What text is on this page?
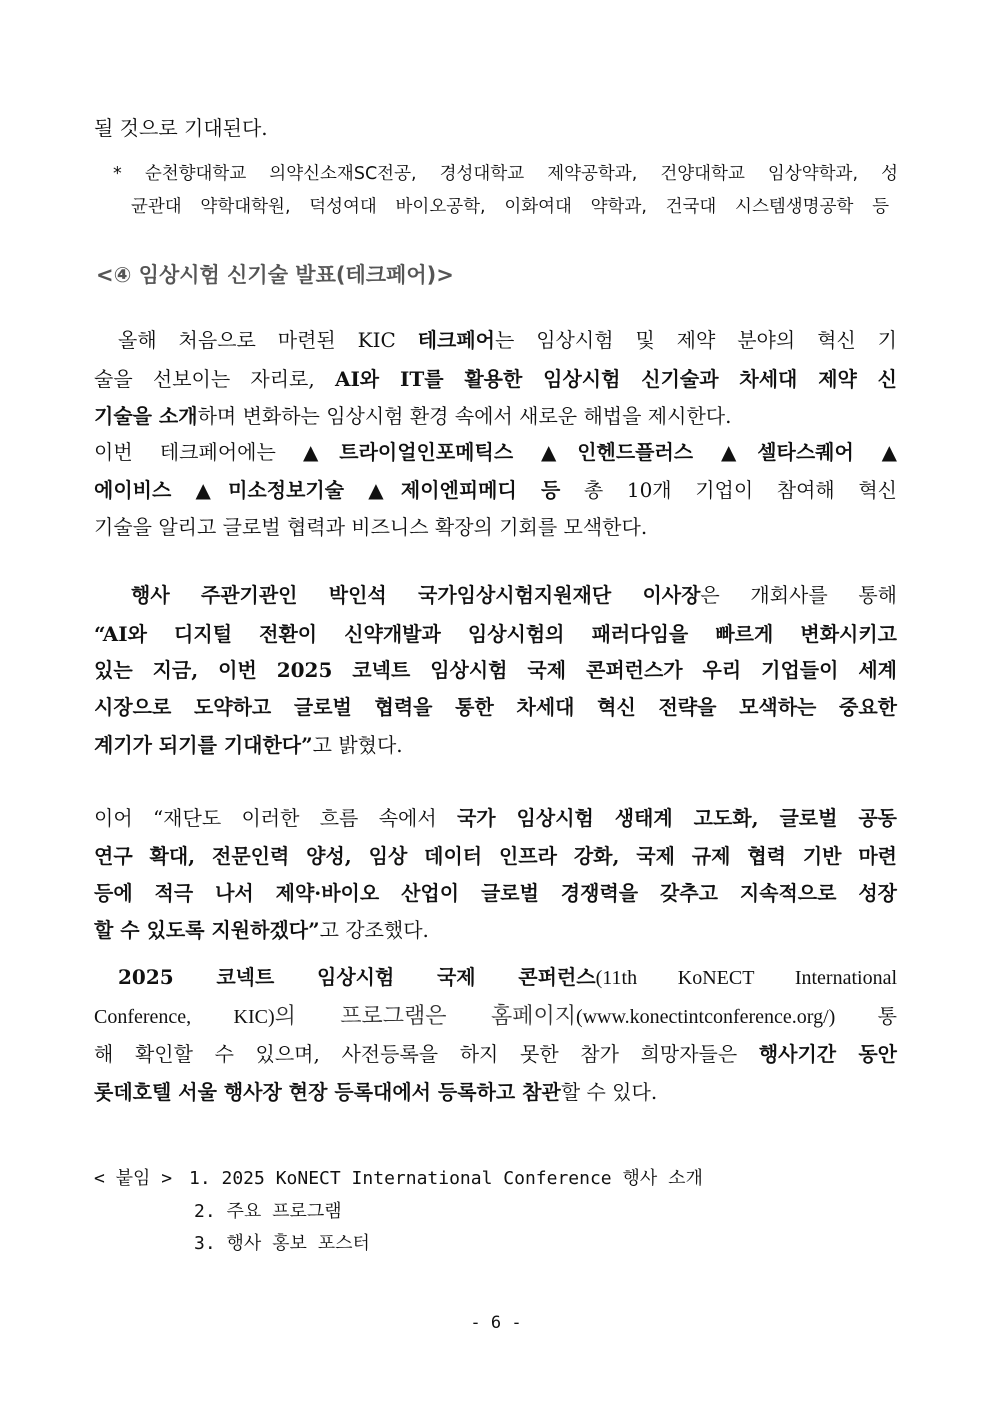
될 것으로 기대된다.
* 순천향대학교 의약신소재SC전공, 경성대학교 제약공학과, 건양대학교 임상약학과, 성
균관대 약학대학원, 덕성여대 바이오공학, 이화여대 약학과, 건국대 시스템생명공학 등
<④ 임상시험 신기술 발표(테크페어)>
올해 처음으로 마련된 KIC 테크페어는 임상시험 및 제약 분야의 혁신 기
술을 선보이는 자리로, AI와 IT를 활용한 임상시험 신기술과 차세대 제약 신
기술을 소개하며 변화하는 임상시험 환경 속에서 새로운 해법을 제시한다.
이번 테크페어에는 ▲트라이얼인포메틱스 ▲인헨드플러스 ▲셀타스퀘어 ▲
에이비스 ▲미소정보기술 ▲제이엔피메디 등 총 10개 기업이 참여해 혁신
기술을 알리고 글로벌 협력과 비즈니스 확장의 기회를 모색한다.
행사 주관기관인 박인석 국가임상시험지원재단 이사장은 개회사를 통해
“AI와 디지털 전환이 신약개발과 임상시험의 패러다임을 빠르게 변화시키고
있는 지금, 이번 2025 코넥트 임상시험 국제 콘퍼런스가 우리 기업들이 세계
시장으로 도약하고 글로벌 협력을 통한 차세대 혁신 전략을 모색하는 중요한
계기가 되기를 기대한다”고 밝혔다.
이어 “재단도 이러한 흐름 속에서 국가 임상시험 생태계 고도화, 글로벌 공동
연구 확대, 전문인력 양성, 임상 데이터 인프라 강화, 국제 규제 협력 기반 마련
등에 적극 나서 제약·바이오 산업이 글로벌 경쟁력을 갖추고 지속적으로 성장
할 수 있도록 지원하겠다”고 강조했다.
2025 코넥트 임상시험 국제 콘퍼런스(11th KoNECT International
Conference, KIC)의 프로그램은 홈페이지(www.konectintconference.org/) 통
해 확인할 수 있으며, 사전등록을 하지 못한 참가 희망자들은 행사기간 동안
롯데호텔 서울 행사장 현장 등록대에서 등록하고 참관할 수 있다.
< 붙임 > 1. 2025 KoNECT International Conference 행사 소개
2. 주요 프로그램
3. 행사 홍보 포스터
- 6 -
